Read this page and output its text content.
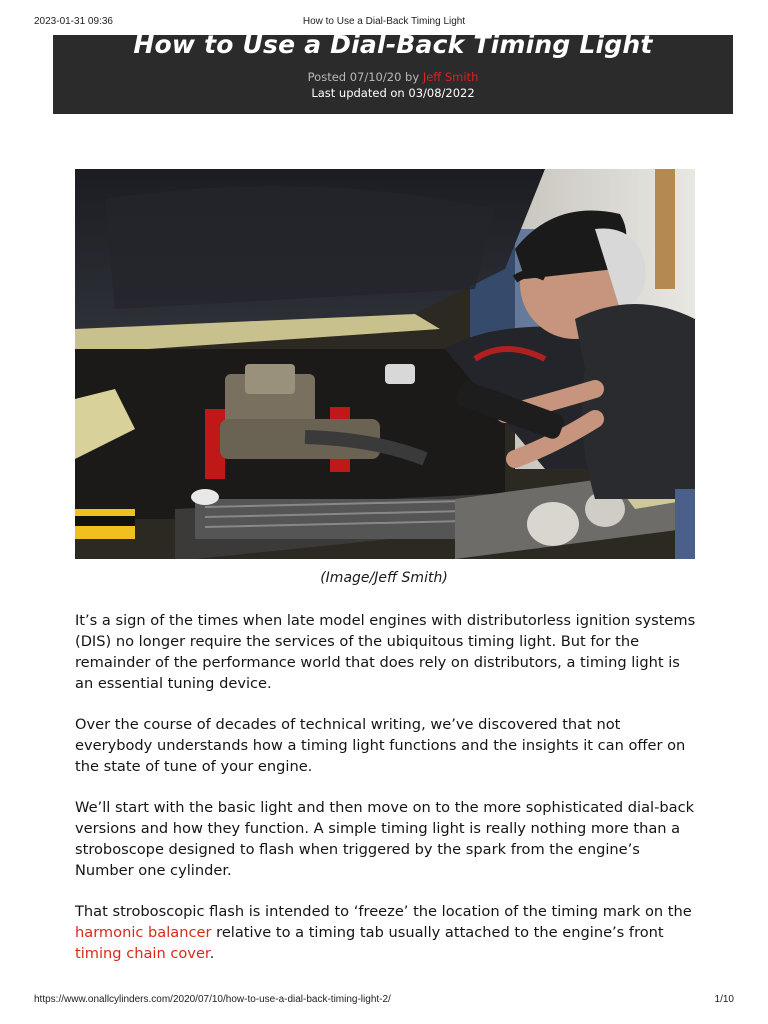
2023-01-31 09:36	How to Use a Dial-Back Timing Light
How to Use a Dial-Back Timing Light
Posted 07/10/20 by Jeff Smith
Last updated on 03/08/2022
(Image/Jeff Smith)

It’s a sign of the times when late model engines with distributorless ignition systems (DIS) no longer require the services of the ubiquitous timing light. But for the remainder of the performance world that does rely on distributors, a timing light is an essential tuning device.

Over the course of decades of technical writing, we’ve discovered that not everybody understands how a timing light functions and the insights it can offer on the state of tune of your engine.

We’ll start with the basic light and then move on to the more sophisticated dial-back versions and how they function. A simple timing light is really nothing more than a stroboscope designed to flash when triggered by the spark from the engine’s Number one cylinder.

That stroboscopic flash is intended to ‘freeze’ the location of the timing mark on the harmonic balancer relative to a timing tab usually attached to the engine’s front timing chain cover.

https://www.onallcylinders.com/2020/07/10/how-to-use-a-dial-back-timing-light-2/	1/10
